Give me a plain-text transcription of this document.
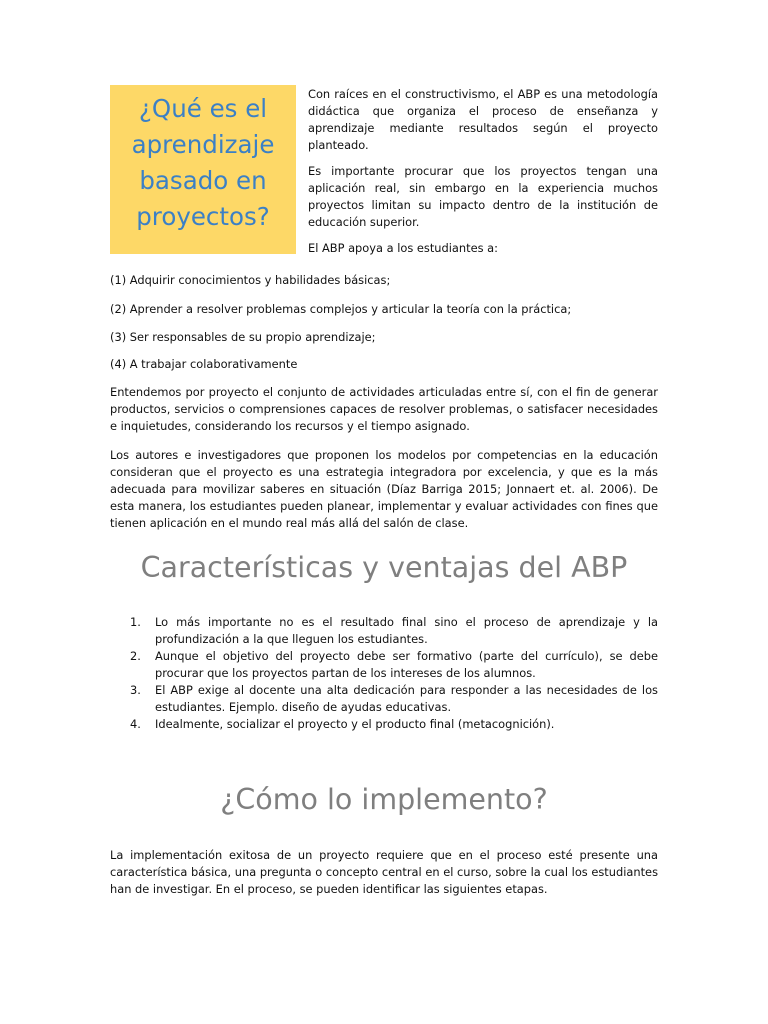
¿Qué es el
aprendizaje
basado en
proyectos?

Con raíces en el constructivismo, el ABP es una metodología didáctica que organiza el proceso de enseñanza y aprendizaje mediante resultados según el proyecto planteado.

Es importante procurar que los proyectos tengan una aplicación real, sin embargo en la experiencia muchos proyectos limitan su impacto dentro de la institución de educación superior.

El ABP apoya a los estudiantes a:

(1) Adquirir conocimientos y habilidades básicas;

(2) Aprender a resolver problemas complejos y articular la teoría con la práctica;

(3) Ser responsables de su propio aprendizaje;

(4) A trabajar colaborativamente

Entendemos por proyecto el conjunto de actividades articuladas entre sí, con el fin de generar productos, servicios o comprensiones capaces de resolver problemas, o satisfacer necesidades e inquietudes, considerando los recursos y el tiempo asignado.

Los autores e investigadores que proponen los modelos por competencias en la educación consideran que el proyecto es una estrategia integradora por excelencia, y que es la más adecuada para movilizar saberes en situación (Díaz Barriga 2015; Jonnaert et. al. 2006). De esta manera, los estudiantes pueden planear, implementar y evaluar actividades con fines que tienen aplicación en el mundo real más allá del salón de clase.

Características y ventajas del ABP
1. Lo más importante no es el resultado final sino el proceso de aprendizaje y la profundización a la que lleguen los estudiantes.
2. Aunque el objetivo del proyecto debe ser formativo (parte del currículo), se debe procurar que los proyectos partan de los intereses de los alumnos.
3. El ABP exige al docente una alta dedicación para responder a las necesidades de los estudiantes. Ejemplo. diseño de ayudas educativas.
4. Idealmente, socializar el proyecto y el producto final (metacognición).
¿Cómo lo implemento?

La implementación exitosa de un proyecto requiere que en el proceso esté presente una característica básica, una pregunta o concepto central en el curso, sobre la cual los estudiantes han de investigar. En el proceso, se pueden identificar las siguientes etapas.
